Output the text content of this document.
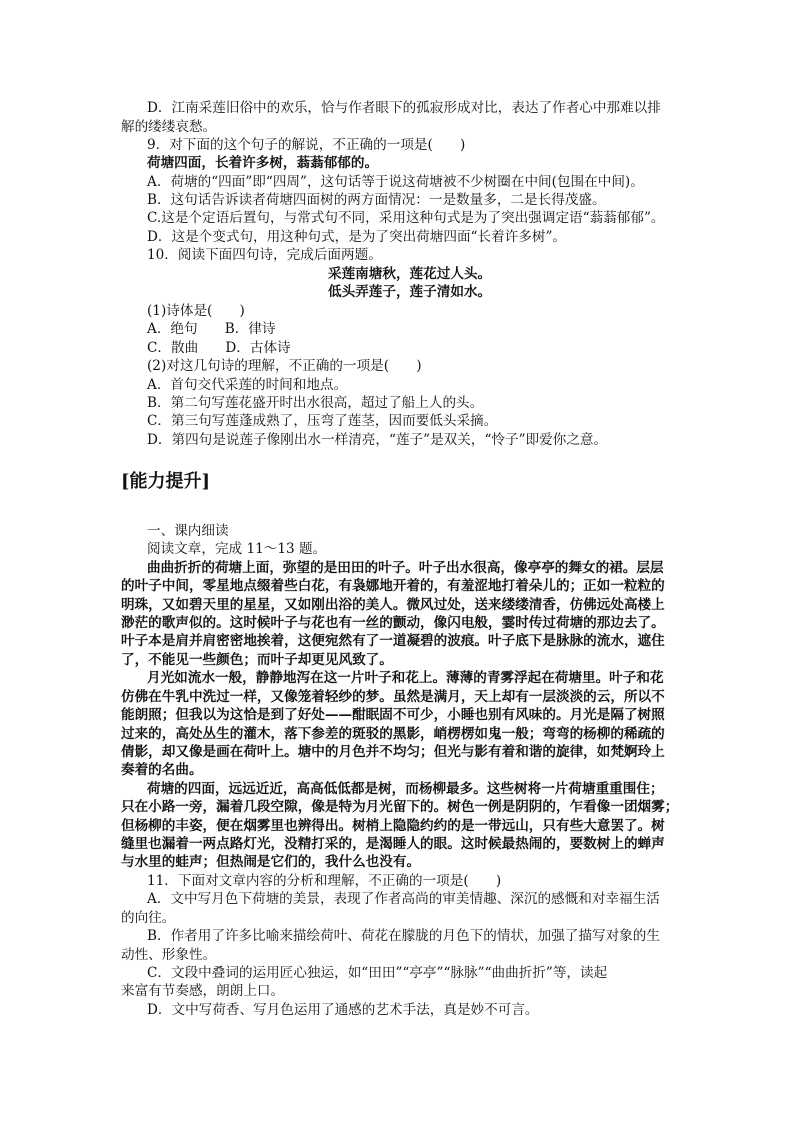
D．江南采莲旧俗中的欢乐，恰与作者眼下的孤寂形成对比，表达了作者心中那难以排
解的缕缕哀愁。
9．对下面的这个句子的解说，不正确的一项是(　　)
荷塘四面，长着许多树，蓊蓊郁郁的。
A．荷塘的“四面”即“四周”，这句话等于说这荷塘被不少树圈在中间(包围在中间)。
B．这句话告诉读者荷塘四面树的两方面情况：一是数量多，二是长得茂盛。
C.这是个定语后置句，与常式句不同，采用这种句式是为了突出强调定语“蓊蓊郁郁”。
D．这是个变式句，用这种句式，是为了突出荷塘四面“长着许多树”。
10．阅读下面四句诗，完成后面两题。
采莲南塘秋，莲花过人头。
低头弄莲子，莲子清如水。
(1)诗体是(　　)
A．绝句　　B．律诗
C．散曲　　D．古体诗
(2)对这几句诗的理解，不正确的一项是(　　)
A．首句交代采莲的时间和地点。
B．第二句写莲花盛开时出水很高，超过了船上人的头。
C．第三句写莲蓬成熟了，压弯了莲茎，因而要低头采摘。
D．第四句是说莲子像刚出水一样清亮，“莲子”是双关，“怜子”即爱你之意。
[能力提升]
一、课内细读
阅读文章，完成 11～13 题。
曲曲折折的荷塘上面，弥望的是田田的叶子。叶子出水很高，像亭亭的舞女的裙。层层
的叶子中间，零星地点缀着些白花，有袅娜地开着的，有羞涩地打着朵儿的；正如一粒粒的
明珠，又如碧天里的星星，又如刚出浴的美人。微风过处，送来缕缕清香，仿佛远处高楼上
渺茫的歌声似的。这时候叶子与花也有一丝的颤动，像闪电般，霎时传过荷塘的那边去了。
叶子本是肩并肩密密地挨着，这便宛然有了一道凝碧的波痕。叶子底下是脉脉的流水，遮住
了，不能见一些颜色；而叶子却更见风致了。
月光如流水一般，静静地泻在这一片叶子和花上。薄薄的青雾浮起在荷塘里。叶子和花
仿佛在牛乳中洗过一样，又像笼着轻纱的梦。虽然是满月，天上却有一层淡淡的云，所以不
能朗照；但我以为这恰是到了好处——酣眠固不可少，小睡也别有风味的。月光是隔了树照
过来的，高处丛生的灌木，落下参差的斑驳的黑影，峭楞楞如鬼一般；弯弯的杨柳的稀疏的
倩影，却又像是画在荷叶上。塘中的月色并不均匀；但光与影有着和谐的旋律，如梵婀玲上
奏着的名曲。
荷塘的四面，远远近近，高高低低都是树，而杨柳最多。这些树将一片荷塘重重围住；
只在小路一旁，漏着几段空隙，像是特为月光留下的。树色一例是阴阴的，乍看像一团烟雾；
但杨柳的丰姿，便在烟雾里也辨得出。树梢上隐隐约约的是一带远山，只有些大意罢了。树
缝里也漏着一两点路灯光，没精打采的，是渴睡人的眼。这时候最热闹的，要数树上的蝉声
与水里的蛙声；但热闹是它们的，我什么也没有。
11．下面对文章内容的分析和理解，不正确的一项是(　　)
A．文中写月色下荷塘的美景，表现了作者高尚的审美情趣、深沉的感慨和对幸福生活
的向往。
B．作者用了许多比喻来描绘荷叶、荷花在朦胧的月色下的情状，加强了描写对象的生
动性、形象性。
C．文段中叠词的运用匠心独运，如“田田”“亭亭”“脉脉”“曲曲折折”等，读起
来富有节奏感，朗朗上口。
D．文中写荷香、写月色运用了通感的艺术手法，真是妙不可言。
